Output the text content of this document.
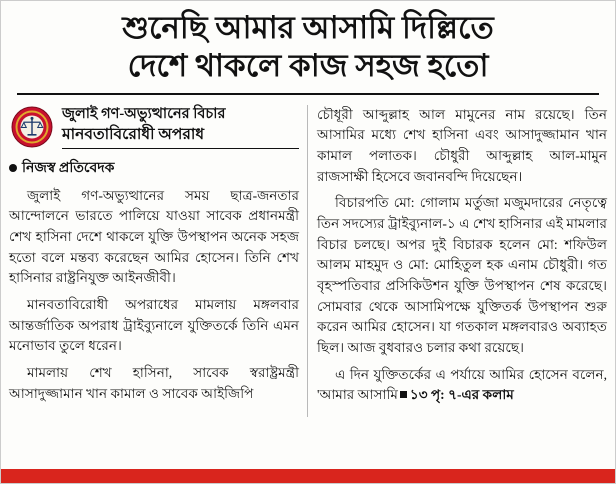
শুনেছি আমার আসামি দিল্লিতে
দেশে থাকলে কাজ সহজ হতো
জুলাই গণ-অভ্যুত্থানের বিচার
মানবতাবিরোধী অপরাধ
নিজস্ব প্রতিবেদক

জুলাই গণ-অভ্যুত্থানের সময় ছাত্র-জনতার আন্দোলনে ভারতে পালিয়ে যাওয়া সাবেক প্রধানমন্ত্রী শেখ হাসিনা দেশে থাকলে যুক্তি উপস্থাপন অনেক সহজ হতো বলে মন্তব্য করেছেন আমির হোসেন। তিনি শেখ হাসিনার রাষ্ট্রনিযুক্ত আইনজীবী।

মানবতাবিরোধী অপরাধের মামলায় মঙ্গলবার আন্তর্জাতিক অপরাধ ট্রাইব্যুনালে যুক্তিতর্কে তিনি এমন মনোভাব তুলে ধরেন।

মামলায় শেখ হাসিনা, সাবেক স্বরাষ্ট্রমন্ত্রী আসাদুজ্জামান খান কামাল ও সাবেক আইজিপি

চৌধূরী আব্দুল্লাহ আল মামুনের নাম রয়েছে। তিন আসামির মধ্যে শেখ হাসিনা এবং আসাদুজ্জামান খান কামাল পলাতক। চৌধুরী আব্দুল্লাহ আল-মামুন রাজসাক্ষী হিসেবে জবানবন্দি দিয়েছেন।

বিচারপতি মো: গোলাম মর্তুজা মজুমদারের নেতৃত্বে তিন সদস্যের ট্রাইব্যুনাল-১ এ শেখ হাসিনার এই মামলার বিচার চলছে। অপর দুই বিচারক হলেন মো: শফিউল আলম মাহমুদ ও মো: মোহিতুল হক এনাম চৌধুরী। গত বৃহস্পতিবার প্রসিকিউশন যুক্তি উপস্থাপন শেষ করেছে। সোমবার থেকে আসামিপক্ষে যুক্তিতর্ক উপস্থাপন শুরু করেন আমির হোসেন। যা গতকাল মঙ্গলবারও অব্যাহত ছিল। আজ বুধবারও চলার কথা রয়েছে।

এ দিন যুক্তিতর্কের এ পর্যায়ে আমির হোসেন বলেন, 'আমার আসামি ১৩ পৃ: ৭-এর কলাম
